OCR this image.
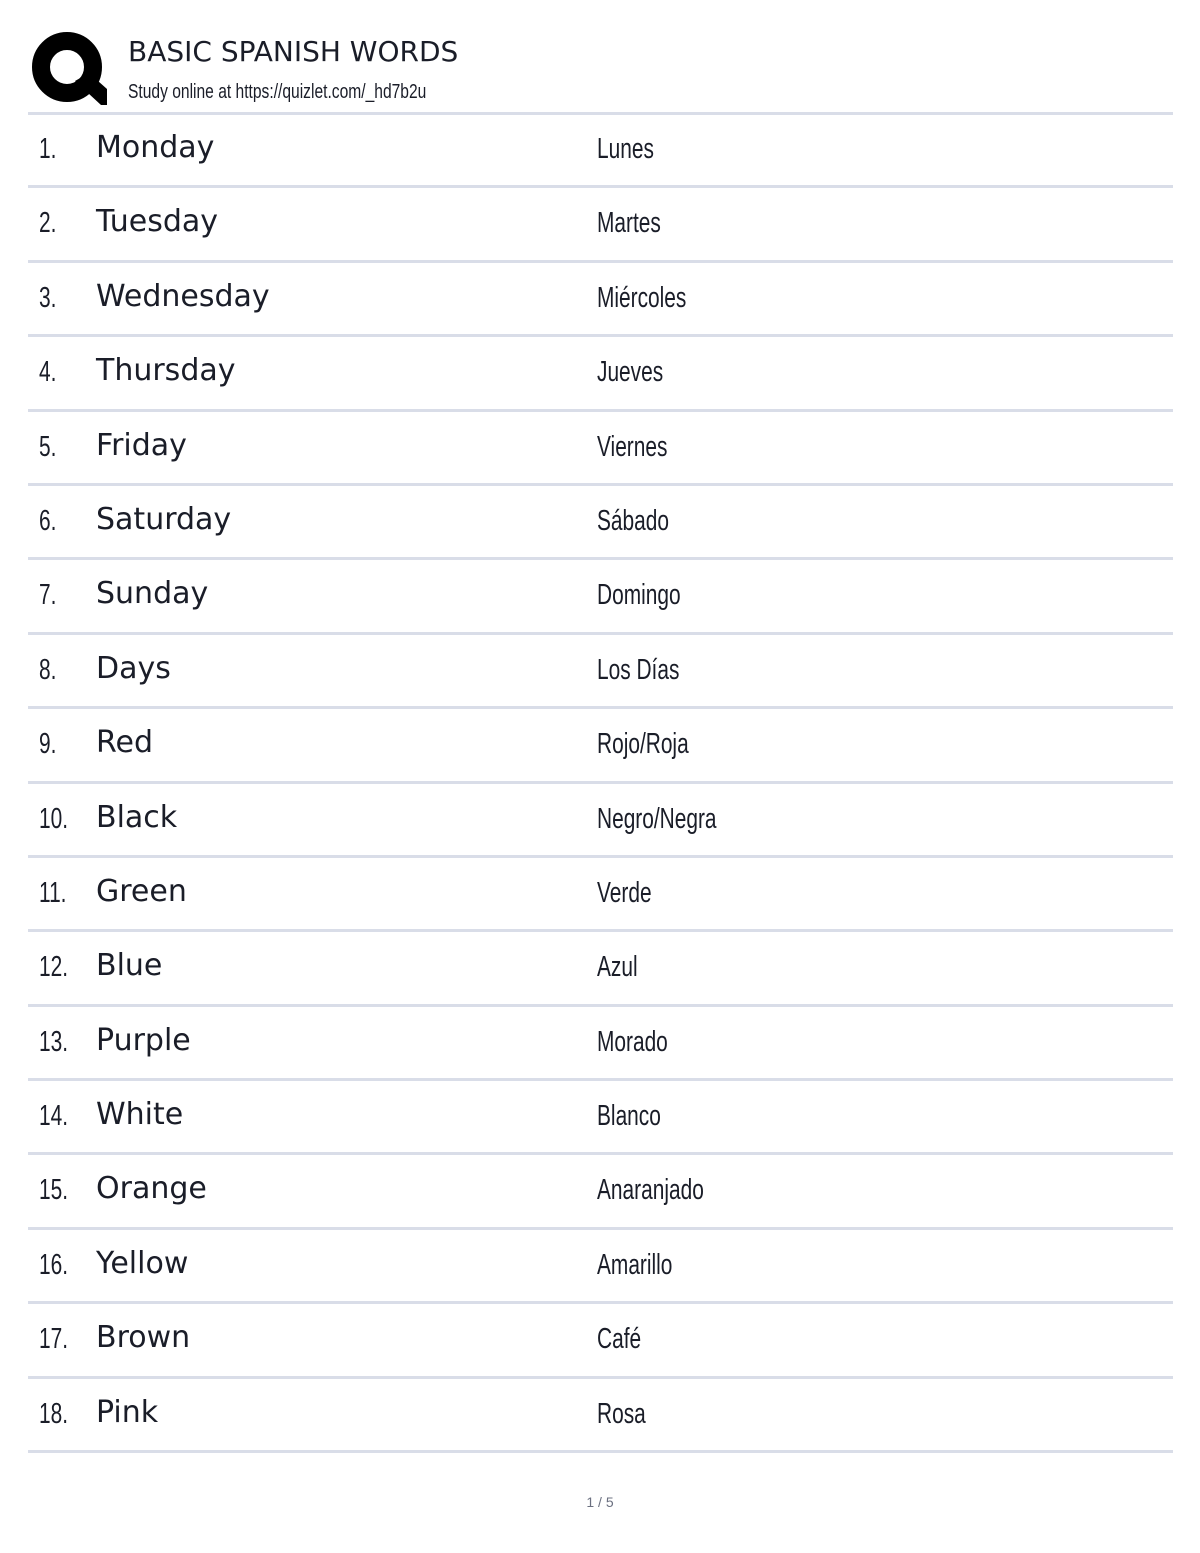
BASIC SPANISH WORDS
Study online at https://quizlet.com/_hd7b2u
1. Monday	Lunes
2. Tuesday	Martes
3. Wednesday	Miércoles
4. Thursday	Jueves
5. Friday	Viernes
6. Saturday	Sábado
7. Sunday	Domingo
8. Days	Los Días
9. Red	Rojo/Roja
10. Black	Negro/Negra
11. Green	Verde
12. Blue	Azul
13. Purple	Morado
14. White	Blanco
15. Orange	Anaranjado
16. Yellow	Amarillo
17. Brown	Café
18. Pink	Rosa
1 / 5
